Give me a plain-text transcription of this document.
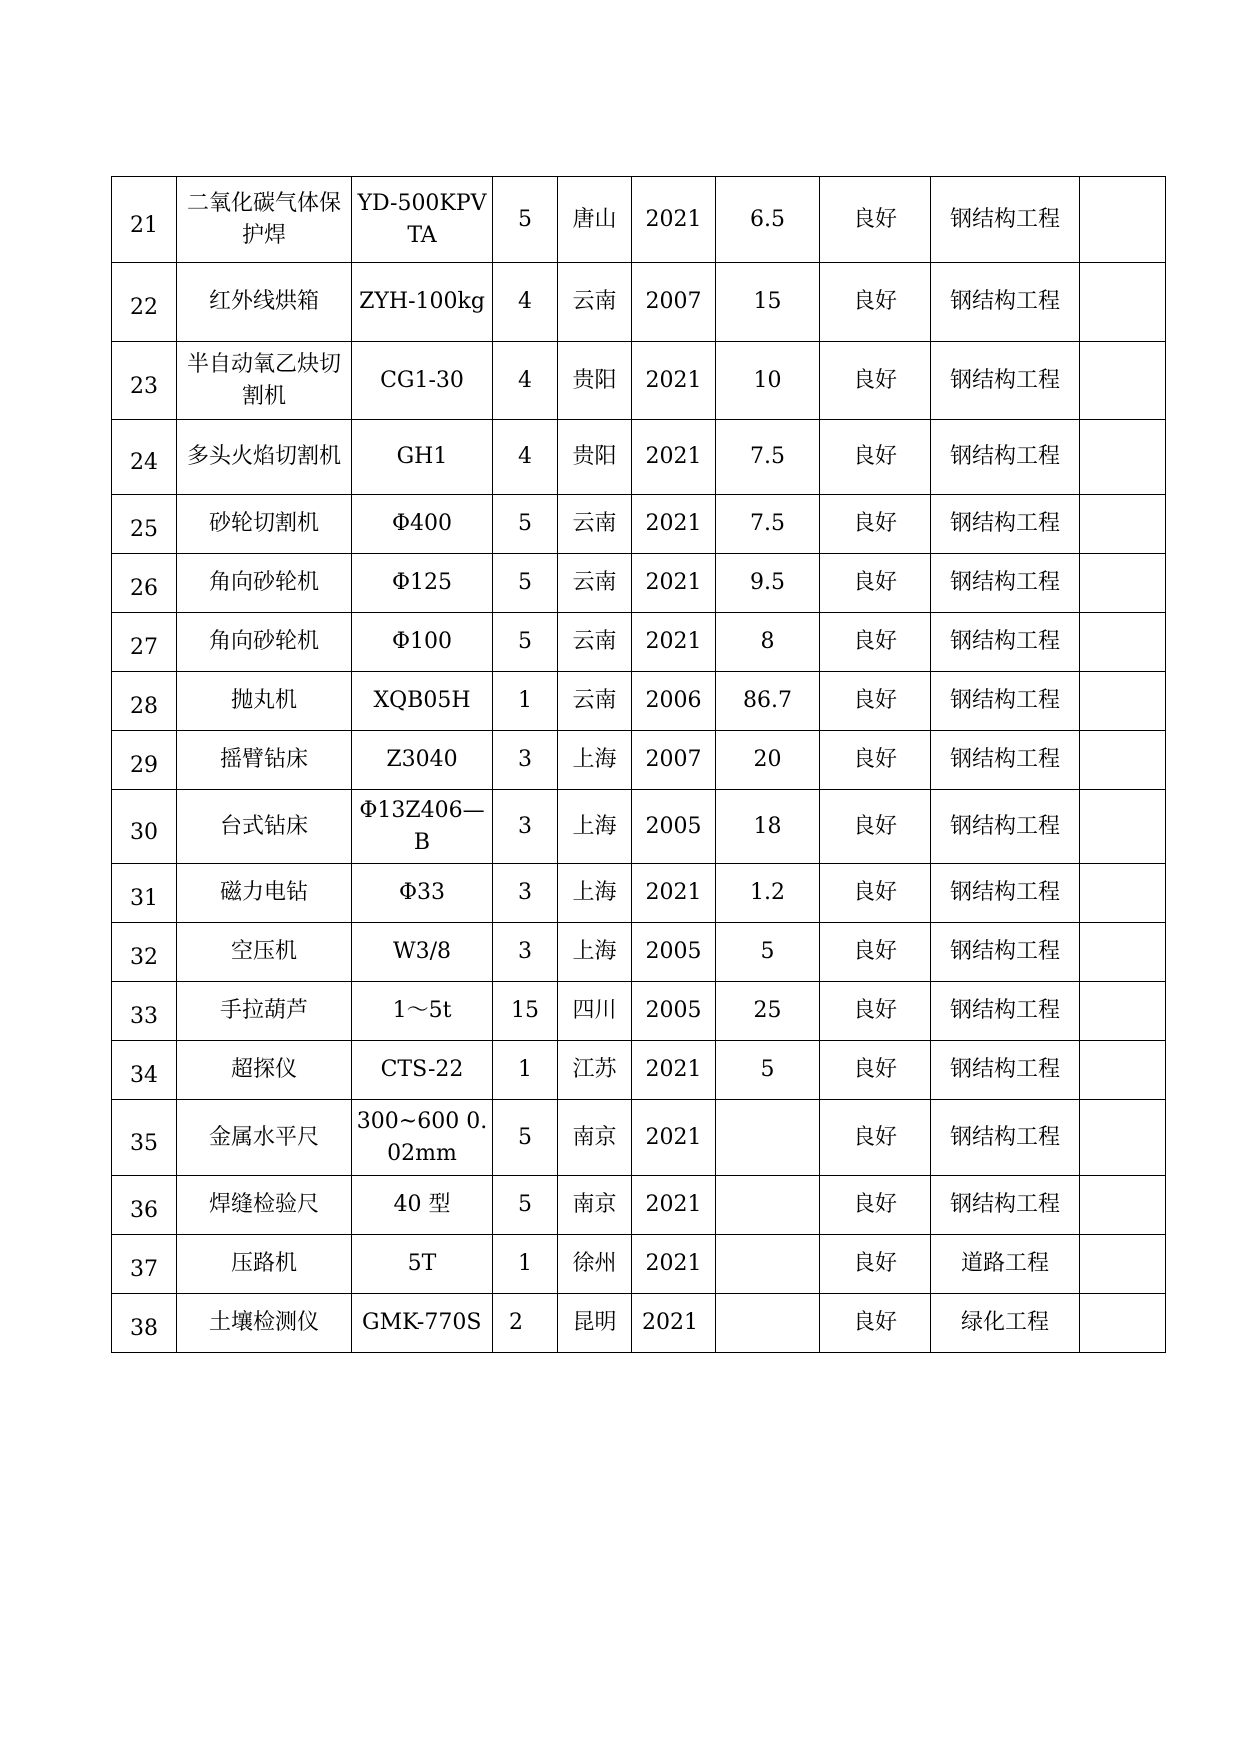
21	二氧化碳气体保护焊	YD-500KPVTA	5	唐山	2021	6.5	良好	钢结构工程	
22	红外线烘箱	ZYH-100kg	4	云南	2007	15	良好	钢结构工程	
23	半自动氧乙炔切割机	CG1-30	4	贵阳	2021	10	良好	钢结构工程	
24	多头火焰切割机	GH1	4	贵阳	2021	7.5	良好	钢结构工程	
25	砂轮切割机	Φ400	5	云南	2021	7.5	良好	钢结构工程	
26	角向砂轮机	Φ125	5	云南	2021	9.5	良好	钢结构工程	
27	角向砂轮机	Φ100	5	云南	2021	8	良好	钢结构工程	
28	抛丸机	XQB05H	1	云南	2006	86.7	良好	钢结构工程	
29	摇臂钻床	Z3040	3	上海	2007	20	良好	钢结构工程	
30	台式钻床	Φ13Z406—B	3	上海	2005	18	良好	钢结构工程	
31	磁力电钻	Φ33	3	上海	2021	1.2	良好	钢结构工程	
32	空压机	W3/8	3	上海	2005	5	良好	钢结构工程	
33	手拉葫芦	1～5t	15	四川	2005	25	良好	钢结构工程	
34	超探仪	CTS-22	1	江苏	2021	5	良好	钢结构工程	
35	金属水平尺	300~600 0.02mm	5	南京	2021		良好	钢结构工程	
36	焊缝检验尺	40 型	5	南京	2021		良好	钢结构工程	
37	压路机	5T	1	徐州	2021		良好	道路工程	
38	土壤检测仪	GMK-770S	2	昆明	2021		良好	绿化工程	
